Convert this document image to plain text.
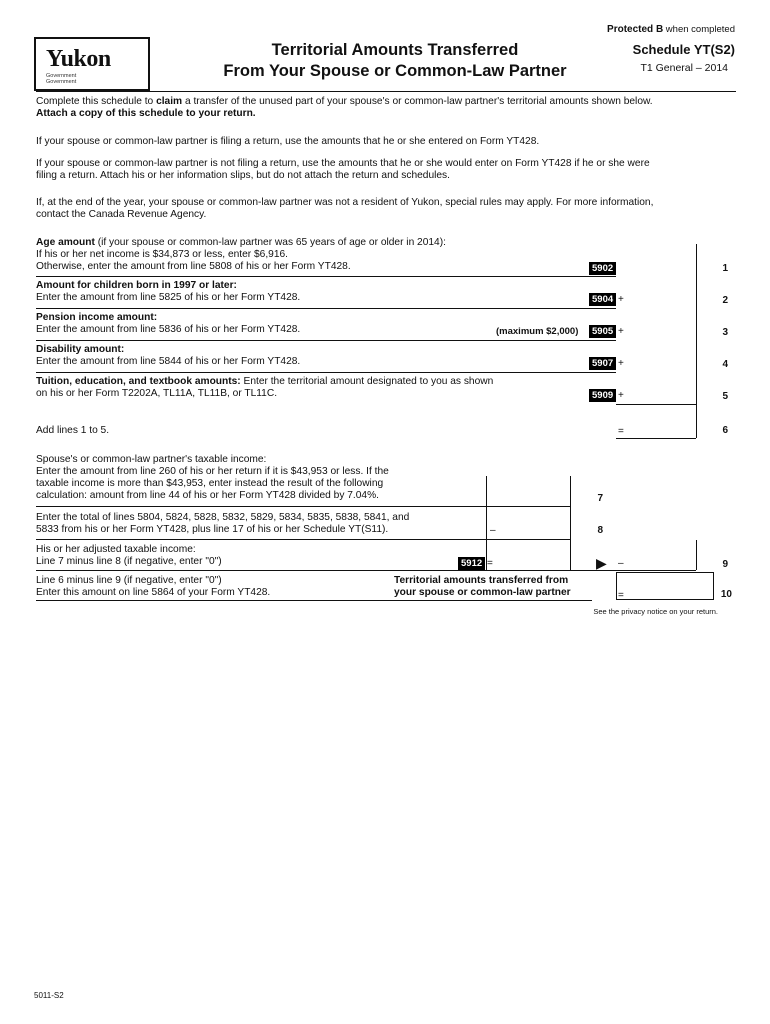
Protected B when completed
Yukon
Government
Government
Territorial Amounts Transferred
From Your Spouse or Common-Law Partner
Schedule YT(S2)
T1 General – 2014
Complete this schedule to claim a transfer of the unused part of your spouse's or common-law partner's territorial amounts shown below.
Attach a copy of this schedule to your return.
If your spouse or common-law partner is filing a return, use the amounts that he or she entered on Form YT428.
If your spouse or common-law partner is not filing a return, use the amounts that he or she would enter on Form YT428 if he or she were
filing a return. Attach his or her information slips, but do not attach the return and schedules.
If, at the end of the year, your spouse or common-law partner was not a resident of Yukon, special rules may apply. For more information,
contact the Canada Revenue Agency.
Age amount (if your spouse or common-law partner was 65 years of age or older in 2014):
If his or her net income is $34,873 or less, enter $6,916.
Otherwise, enter the amount from line 5808 of his or her Form YT428.	5902	1
Amount for children born in 1997 or later:
Enter the amount from line 5825 of his or her Form YT428.	5904 +	2
Pension income amount:
Enter the amount from line 5836 of his or her Form YT428.	(maximum $2,000)	5905 +	3
Disability amount:
Enter the amount from line 5844 of his or her Form YT428.	5907 +	4
Tuition, education, and textbook amounts: Enter the territorial amount designated to you as shown
on his or her Form T2202A, TL11A, TL11B, or TL11C.	5909 +	5
Add lines 1 to 5.	=	6
Spouse's or common-law partner's taxable income:
Enter the amount from line 260 of his or her return if it is $43,953 or less. If the
taxable income is more than $43,953, enter instead the result of the following
calculation: amount from line 44 of his or her Form YT428 divided by 7.04%.	7
Enter the total of lines 5804, 5824, 5828, 5832, 5829, 5834, 5835, 5838, 5841, and
5833 from his or her Form YT428, plus line 17 of his or her Schedule YT(S11).	–	8
His or her adjusted taxable income:
Line 7 minus line 8 (if negative, enter "0")	5912 =	▶ –	9
Line 6 minus line 9 (if negative, enter "0")
Enter this amount on line 5864 of your Form YT428.
Territorial amounts transferred from
your spouse or common-law partner	=	10
See the privacy notice on your return.
5011-S2
